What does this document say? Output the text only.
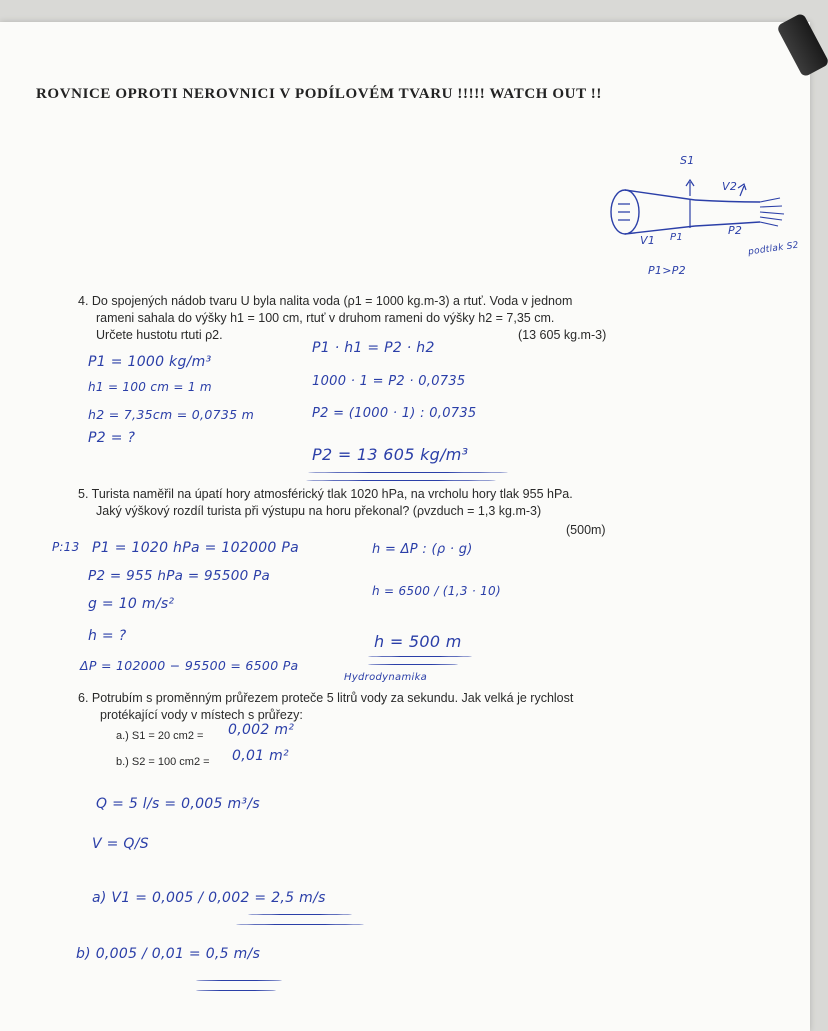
ROVNICE OPROTI NEROVNICI V PODÍLOVÉM TVARU !!!!! WATCH OUT !!
S1
V2
V1 P1
P2
podtlak S2
P1>P2
4. Do spojených nádob tvaru U byla nalita voda (ρ1 = 1000 kg.m-3) a rtuť. Voda v jednom
rameni sahala do výšky h1 = 100 cm, rtuť v druhom rameni do výšky h2 = 7,35 cm.
Určete hustotu rtuti ρ2.	(13 605 kg.m-3)
P1 = 1000 kg/m³
h1 = 100 cm = 1 m
h2 = 7,35cm = 0,0735 m
P2 = ?
P1 · h1 = P2 · h2
1000 · 1 = P2 · 0,0735
P2 = (1000 · 1) : 0,0735
P2 = 13 605 kg/m³
5. Turista naměřil na úpatí hory atmosférický tlak 1020 hPa, na vrcholu hory tlak 955 hPa.
Jaký výškový rozdíl turista při výstupu na horu překonal? (ρvzduch = 1,3 kg.m-3)
(500m)
P:13 P1 = 1020 hPa = 102000 Pa
P2 = 955 hPa = 95500 Pa
g = 10 m/s²
h = ?
ΔP = 102000 − 95500 = 6500 Pa
h = ΔP : (ρ · g)
h = 6500 / (1,3 · 10)
h = 500 m
Hydrodynamika
6. Potrubím s proměnným průřezem proteče 5 litrů vody za sekundu. Jak velká je rychlost
protékající vody v místech s průřezy:
a.) S1 = 20 cm2 = 0,002 m²
b.) S2 = 100 cm2 = 0,01 m²
Q = 5 l/s = 0,005 m³/s
V = Q/S
a) V1 = 0,005 / 0,002 = 2,5 m/s
b) 0,005 / 0,01 = 0,5 m/s
